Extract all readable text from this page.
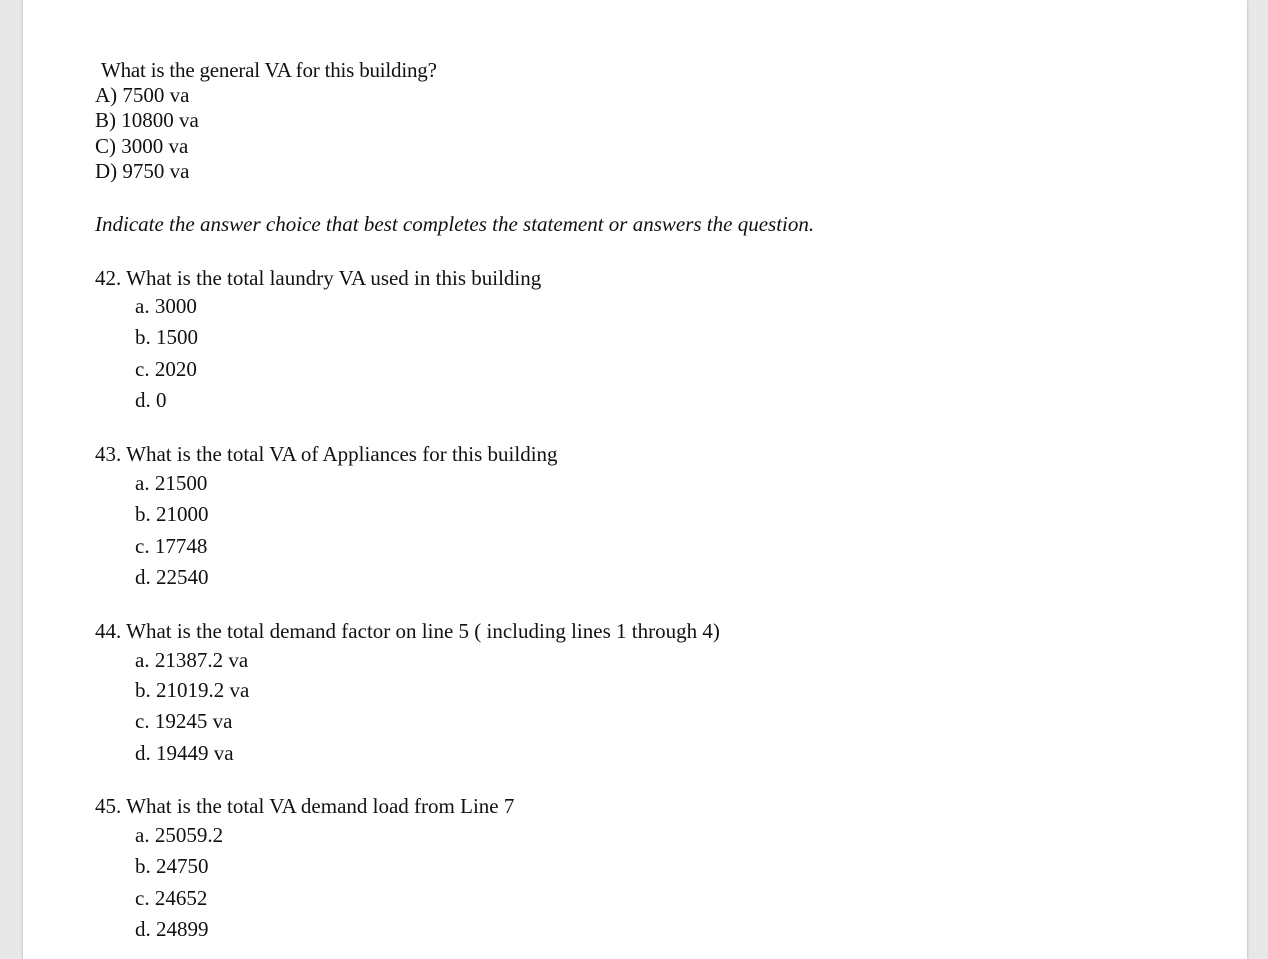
What is the general VA for this building?
A) 7500 va
B) 10800 va
C) 3000 va
D) 9750 va
Indicate the answer choice that best completes the statement or answers the question.
42. What is the total laundry VA used in this building
a. 3000
b. 1500
c. 2020
d. 0
43. What is the total VA of Appliances for this building
a. 21500
b. 21000
c. 17748
d. 22540
44. What is the total demand factor on line 5 ( including lines 1 through 4)
a. 21387.2 va
b. 21019.2 va
c. 19245 va
d. 19449 va
45. What is the total VA demand load from Line 7
a. 25059.2
b. 24750
c. 24652
d. 24899
